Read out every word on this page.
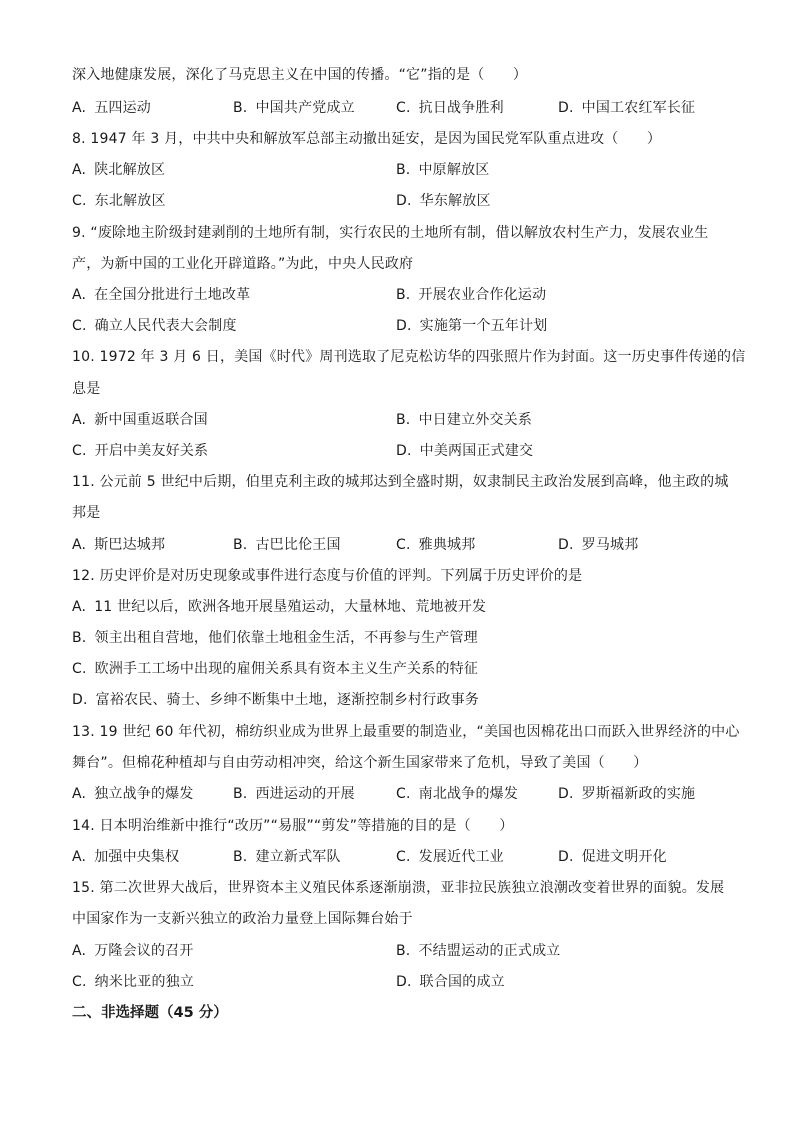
深入地健康发展，深化了马克思主义在中国的传播。“它”指的是（　　）
A. 五四运动	B. 中国共产党成立	C. 抗日战争胜利	D. 中国工农红军长征
8. 1947 年 3 月，中共中央和解放军总部主动撤出延安，是因为国民党军队重点进攻（　　）
A. 陕北解放区	B. 中原解放区
C. 东北解放区	D. 华东解放区
9. “废除地主阶级封建剥削的土地所有制，实行农民的土地所有制，借以解放农村生产力，发展农业生
产，为新中国的工业化开辟道路。”为此，中央人民政府
A. 在全国分批进行土地改革	B. 开展农业合作化运动
C. 确立人民代表大会制度	D. 实施第一个五年计划
10. 1972 年 3 月 6 日，美国《时代》周刊选取了尼克松访华的四张照片作为封面。这一历史事件传递的信
息是
A. 新中国重返联合国	B. 中日建立外交关系
C. 开启中美友好关系	D. 中美两国正式建交
11. 公元前 5 世纪中后期，伯里克利主政的城邦达到全盛时期，奴隶制民主政治发展到高峰，他主政的城
邦是
A. 斯巴达城邦	B. 古巴比伦王国	C. 雅典城邦	D. 罗马城邦
12. 历史评价是对历史现象或事件进行态度与价值的评判。下列属于历史评价的是
A. 11 世纪以后，欧洲各地开展垦殖运动，大量林地、荒地被开发
B. 领主出租自营地，他们依靠土地租金生活，不再参与生产管理
C. 欧洲手工工场中出现的雇佣关系具有资本主义生产关系的特征
D. 富裕农民、骑士、乡绅不断集中土地，逐渐控制乡村行政事务
13. 19 世纪 60 年代初，棉纺织业成为世界上最重要的制造业，“美国也因棉花出口而跃入世界经济的中心
舞台”。但棉花种植却与自由劳动相冲突，给这个新生国家带来了危机，导致了美国（　　）
A. 独立战争的爆发	B. 西进运动的开展	C. 南北战争的爆发	D. 罗斯福新政的实施
14. 日本明治维新中推行“改历”“易服”“剪发”等措施的目的是（　　）
A. 加强中央集权	B. 建立新式军队	C. 发展近代工业	D. 促进文明开化
15. 第二次世界大战后，世界资本主义殖民体系逐渐崩溃，亚非拉民族独立浪潮改变着世界的面貌。发展
中国家作为一支新兴独立的政治力量登上国际舞台始于
A. 万隆会议的召开	B. 不结盟运动的正式成立
C. 纳米比亚的独立	D. 联合国的成立
二、非选择题（45 分）
